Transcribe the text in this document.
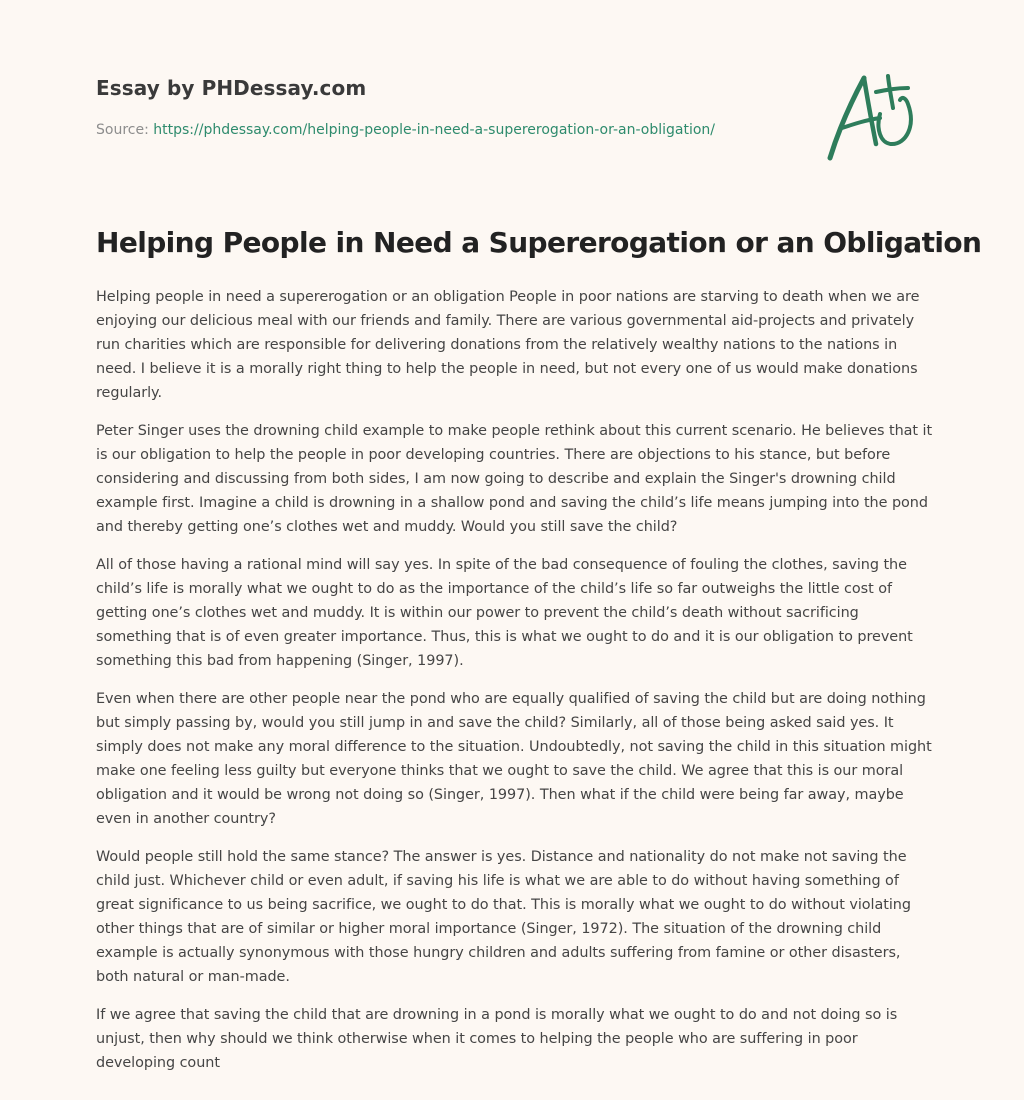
Essay by PHDessay.com
Source: https://phdessay.com/helping-people-in-need-a-supererogation-or-an-obligation/
Helping People in Need a Supererogation or an Obligation

Helping people in need a supererogation or an obligation People in poor nations are starving to death when we are enjoying our delicious meal with our friends and family. There are various governmental aid-projects and privately run charities which are responsible for delivering donations from the relatively wealthy nations to the nations in need. I believe it is a morally right thing to help the people in need, but not every one of us would make donations regularly.

Peter Singer uses the drowning child example to make people rethink about this current scenario. He believes that it is our obligation to help the people in poor developing countries. There are objections to his stance, but before considering and discussing from both sides, I am now going to describe and explain the Singer's drowning child example first. Imagine a child is drowning in a shallow pond and saving the child’s life means jumping into the pond and thereby getting one’s clothes wet and muddy. Would you still save the child?

All of those having a rational mind will say yes. In spite of the bad consequence of fouling the clothes, saving the child’s life is morally what we ought to do as the importance of the child’s life so far outweighs the little cost of getting one’s clothes wet and muddy. It is within our power to prevent the child’s death without sacrificing something that is of even greater importance. Thus, this is what we ought to do and it is our obligation to prevent something this bad from happening (Singer, 1997).

Even when there are other people near the pond who are equally qualified of saving the child but are doing nothing but simply passing by, would you still jump in and save the child? Similarly, all of those being asked said yes. It simply does not make any moral difference to the situation. Undoubtedly, not saving the child in this situation might make one feeling less guilty but everyone thinks that we ought to save the child. We agree that this is our moral obligation and it would be wrong not doing so (Singer, 1997). Then what if the child were being far away, maybe even in another country?

Would people still hold the same stance? The answer is yes. Distance and nationality do not make not saving the child just. Whichever child or even adult, if saving his life is what we are able to do without having something of great significance to us being sacrifice, we ought to do that. This is morally what we ought to do without violating other things that are of similar or higher moral importance (Singer, 1972). The situation of the drowning child example is actually synonymous with those hungry children and adults suffering from famine or other disasters, both natural or man-made.

If we agree that saving the child that are drowning in a pond is morally what we ought to do and not doing so is unjust, then why should we think otherwise when it comes to helping the people who are suffering in poor developing count
